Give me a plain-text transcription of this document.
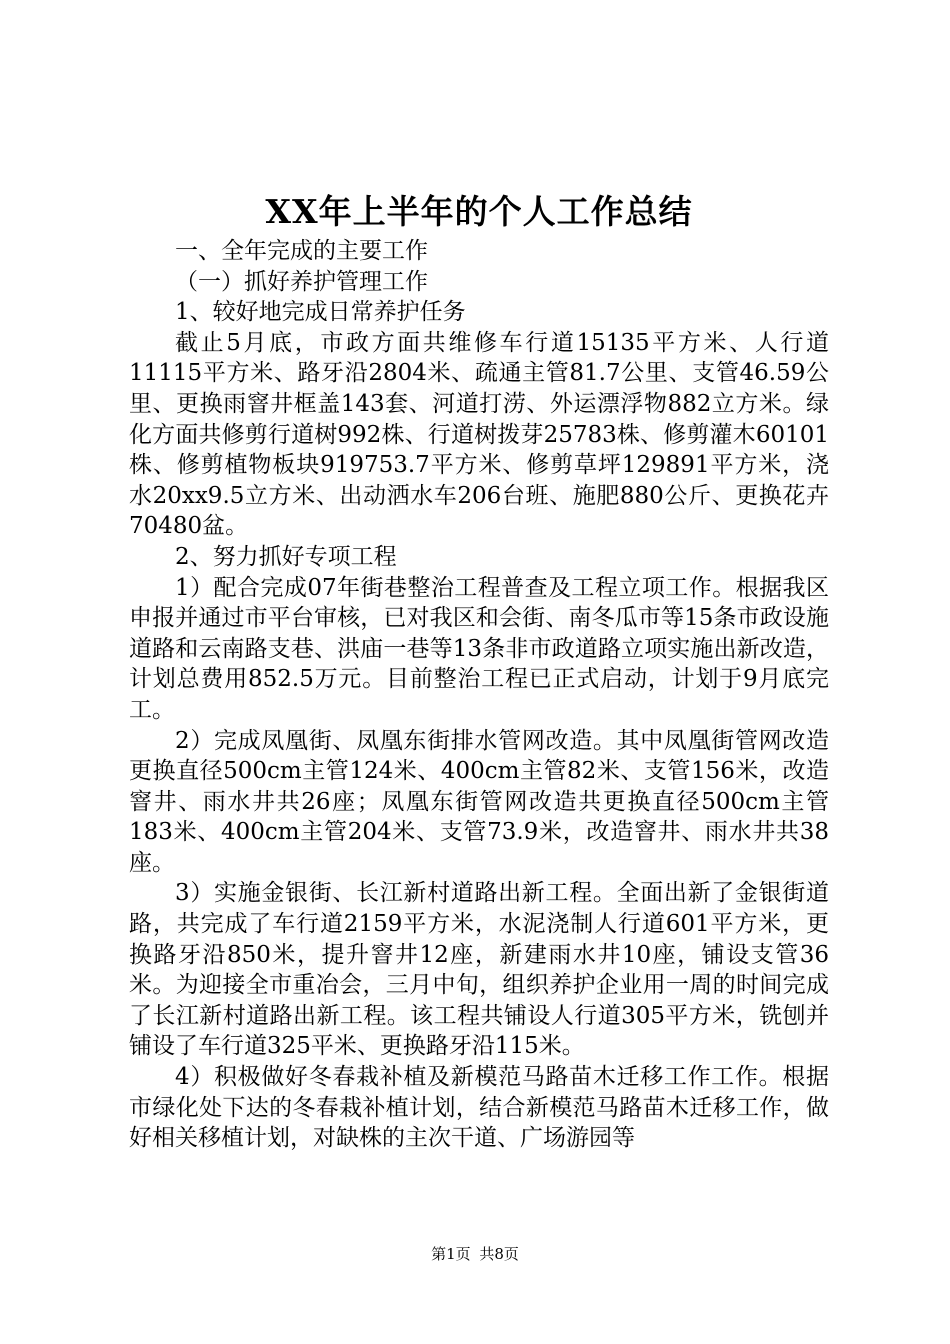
XX年上半年的个人工作总结

一、全年完成的主要工作

（一）抓好养护管理工作

1、较好地完成日常养护任务

截止5月底，市政方面共维修车行道15135平方米、人行道11115平方米、路牙沿2804米、疏通主管81.7公里、支管46.59公里、更换雨窨井框盖143套、河道打涝、外运漂浮物882立方米。绿化方面共修剪行道树992株、行道树拨芽25783株、修剪灌木60101株、修剪植物板块919753.7平方米、修剪草坪129891平方米，浇水20xx9.5立方米、出动洒水车206台班、施肥880公斤、更换花卉70480盆。

2、努力抓好专项工程

1）配合完成07年街巷整治工程普查及工程立项工作。根据我区申报并通过市平台审核，已对我区和会街、南冬瓜市等15条市政设施道路和云南路支巷、洪庙一巷等13条非市政道路立项实施出新改造，计划总费用852.5万元。目前整治工程已正式启动，计划于9月底完工。

2）完成凤凰街、凤凰东街排水管网改造。其中凤凰街管网改造更换直径500cm主管124米、400cm主管82米、支管156米，改造窨井、雨水井共26座；凤凰东街管网改造共更换直径500cm主管183米、400cm主管204米、支管73.9米，改造窨井、雨水井共38座。

3）实施金银街、长江新村道路出新工程。全面出新了金银街道路，共完成了车行道2159平方米，水泥浇制人行道601平方米，更换路牙沿850米，提升窨井12座，新建雨水井10座，铺设支管36米。为迎接全市重冶会，三月中旬，组织养护企业用一周的时间完成了长江新村道路出新工程。该工程共铺设人行道305平方米，铣刨并铺设了车行道325平米、更换路牙沿115米。

4）积极做好冬春栽补植及新模范马路苗木迁移工作工作。根据市绿化处下达的冬春栽补植计划，结合新模范马路苗木迁移工作，做好相关移植计划，对缺株的主次干道、广场游园等

第1页 共8页
